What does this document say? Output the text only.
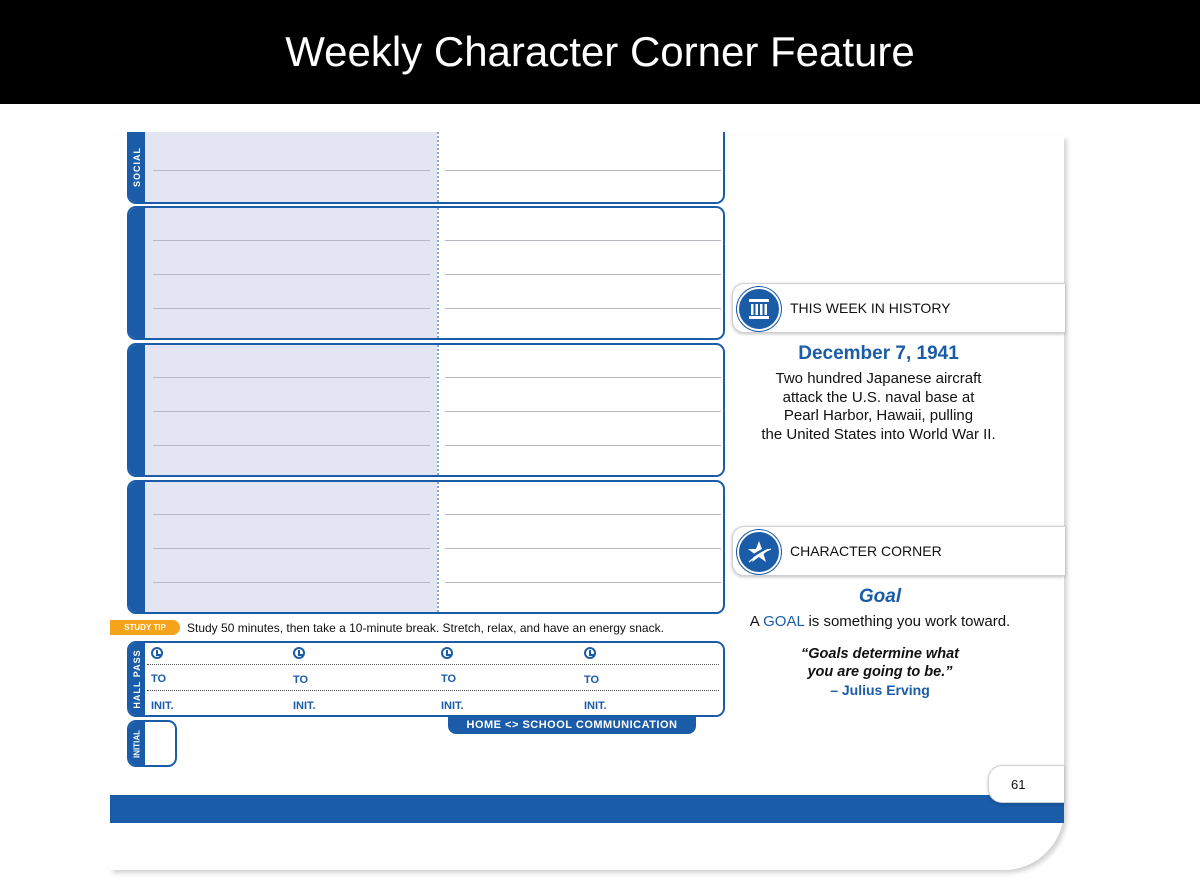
Weekly Character Corner Feature
SOCIAL
THIS WEEK IN HISTORY
December 7, 1941
Two hundred Japanese aircraft
attack the U.S. naval base at
Pearl Harbor, Hawaii, pulling
the United States into World War II.
CHARACTER CORNER
Goal
A GOAL is something you work toward.
“Goals determine what
you are going to be.”
– Julius Erving
STUDY TIP	Study 50 minutes, then take a 10-minute break. Stretch, relax, and have an energy snack.
HALL PASS TO	TO	TO	TO
INIT.	INIT.	INIT.	INIT.
HOME <> SCHOOL COMMUNICATION
INITIAL
61
